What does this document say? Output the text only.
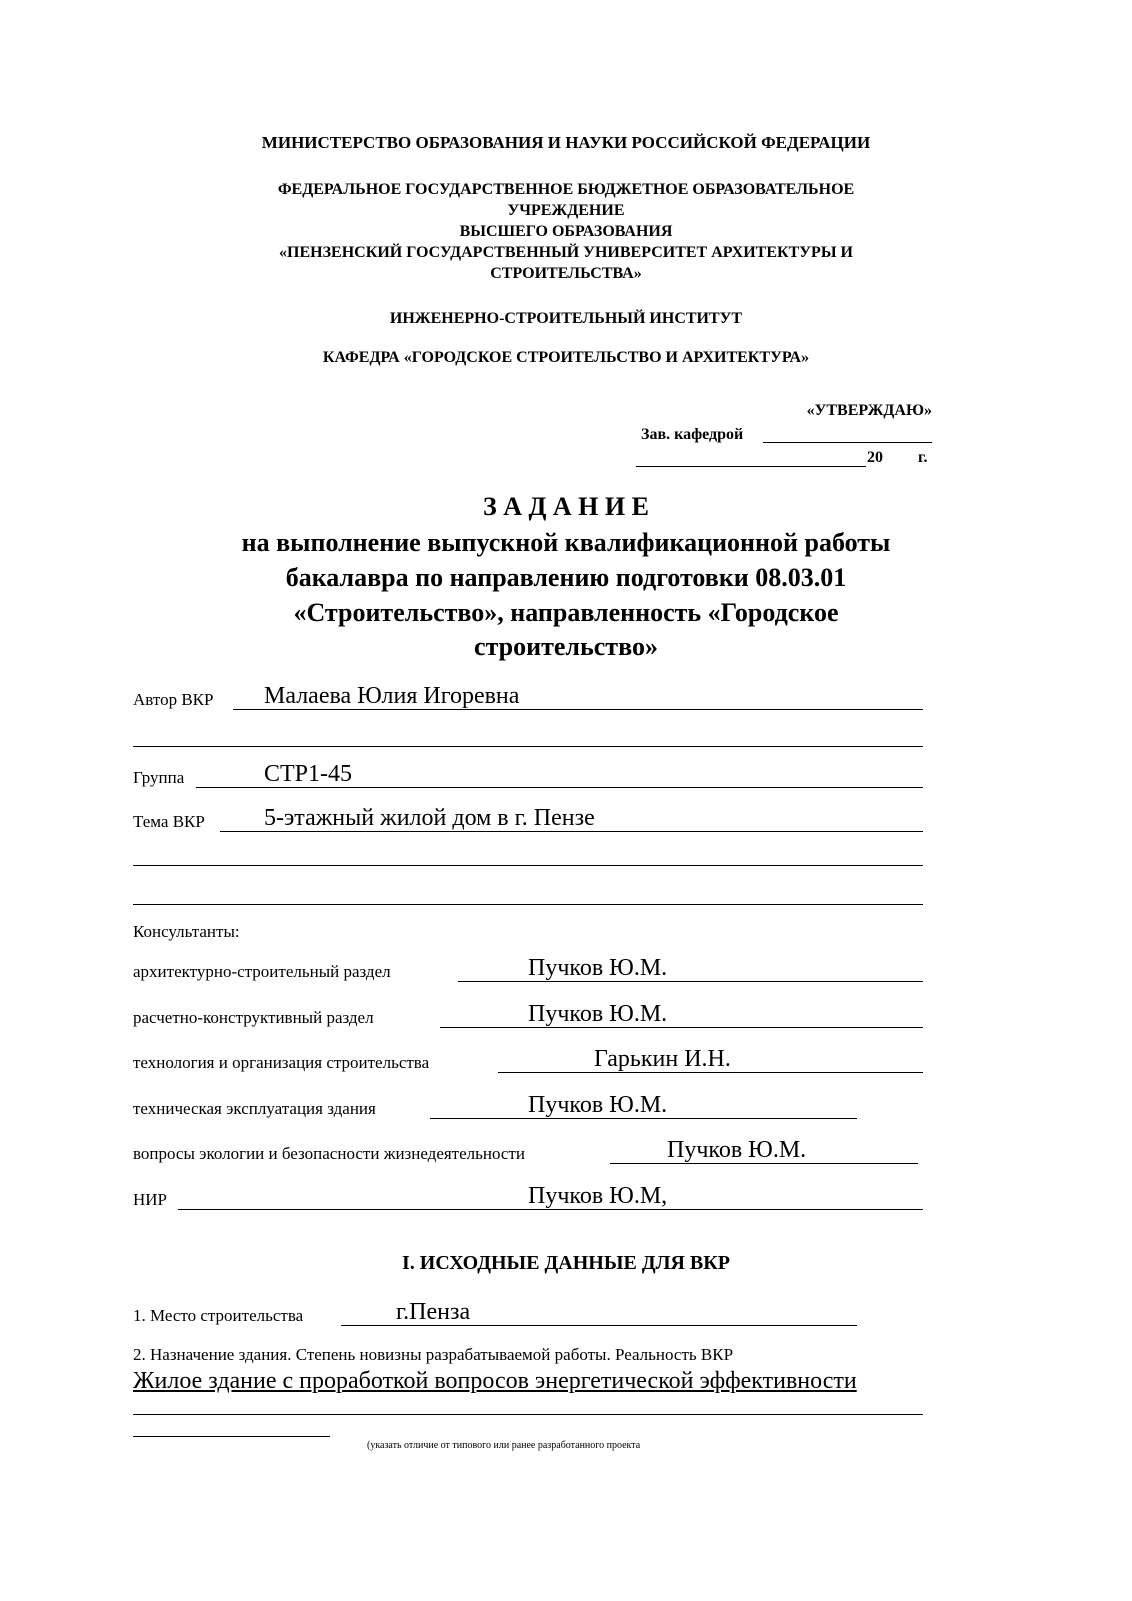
МИНИСТЕРСТВО ОБРАЗОВАНИЯ И НАУКИ РОССИЙСКОЙ ФЕДЕРАЦИИ
ФЕДЕРАЛЬНОЕ ГОСУДАРСТВЕННОЕ БЮДЖЕТНОЕ ОБРАЗОВАТЕЛЬНОЕ
УЧРЕЖДЕНИЕ
ВЫСШЕГО ОБРАЗОВАНИЯ
«ПЕНЗЕНСКИЙ ГОСУДАРСТВЕННЫЙ УНИВЕРСИТЕТ АРХИТЕКТУРЫ И
СТРОИТЕЛЬСТВА»
ИНЖЕНЕРНО-СТРОИТЕЛЬНЫЙ ИНСТИТУТ
КАФЕДРА «ГОРОДСКОЕ СТРОИТЕЛЬСТВО И АРХИТЕКТУРА»
«УТВЕРЖДАЮ»
Зав. кафедрой
20 г.
З А Д А Н И Е
на выполнение выпускной квалификационной работы
бакалавра по направлению подготовки 08.03.01
«Строительство», направленность «Городское
строительство»
Автор ВКР Малаева Юлия Игоревна
Группа	СТР1-45
Тема ВКР 5-этажный жилой дом в г. Пензе
Консультанты:
архитектурно-строительный раздел	Пучков Ю.М.
расчетно-конструктивный раздел	Пучков Ю.М.
технология и организация строительства	Гарькин И.Н.
техническая эксплуатация здания	Пучков Ю.М.
вопросы экологии и безопасности жизнедеятельности	Пучков Ю.М.
НИР	Пучков Ю.М,
I. ИСХОДНЫЕ ДАННЫЕ ДЛЯ ВКР
1. Место строительства	г.Пенза
2. Назначение здания. Степень новизны разрабатываемой работы. Реальность ВКР
Жилое здание с проработкой вопросов энергетической эффективности
(указать отличие от типового или ранее разработанного проекта
